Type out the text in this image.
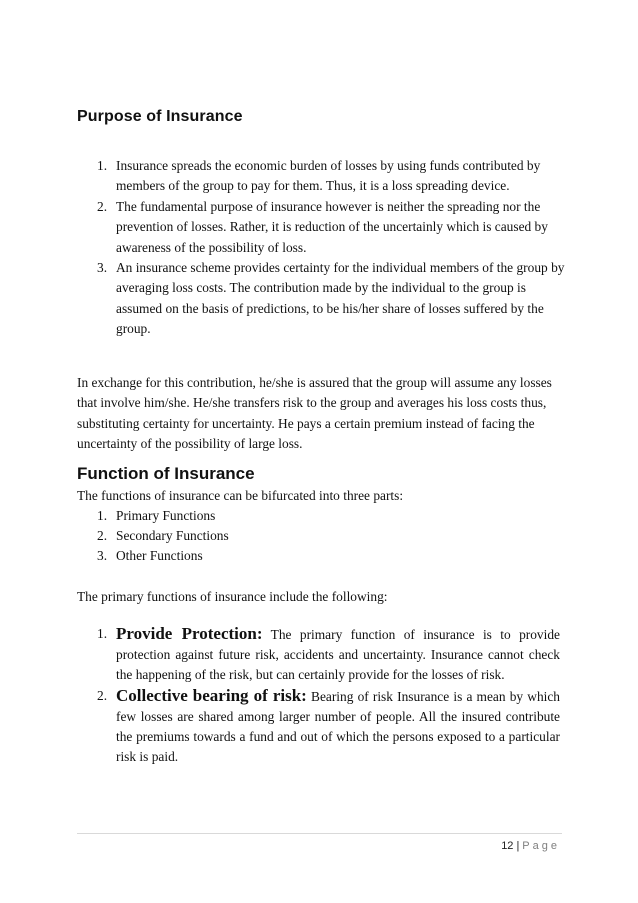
Purpose of Insurance
1. Insurance spreads the economic burden of losses by using funds contributed by members of the group to pay for them. Thus, it is a loss spreading device.
2. The fundamental purpose of insurance however is neither the spreading nor the prevention of losses. Rather, it is reduction of the uncertainly which is caused by awareness of the possibility of loss.
3. An insurance scheme provides certainty for the individual members of the group by averaging loss costs. The contribution made by the individual to the group is assumed on the basis of predictions, to be his/her share of losses suffered by the group.

In exchange for this contribution, he/she is assured that the group will assume any losses that involve him/she. He/she transfers risk to the group and averages his loss costs thus, substituting certainty for uncertainty. He pays a certain premium instead of facing the uncertainty of the possibility of large loss.

Function of Insurance

The functions of insurance can be bifurcated into three parts:

1. Primary Functions
2. Secondary Functions
3. Other Functions

The primary functions of insurance include the following:

1. Provide Protection: The primary function of insurance is to provide protection against future risk, accidents and uncertainty. Insurance cannot check the happening of the risk, but can certainly provide for the losses of risk.
2. Collective bearing of risk: Bearing of risk Insurance is a mean by which few losses are shared among larger number of people. All the insured contribute the premiums towards a fund and out of which the persons exposed to a particular risk is paid.
12 | Page
